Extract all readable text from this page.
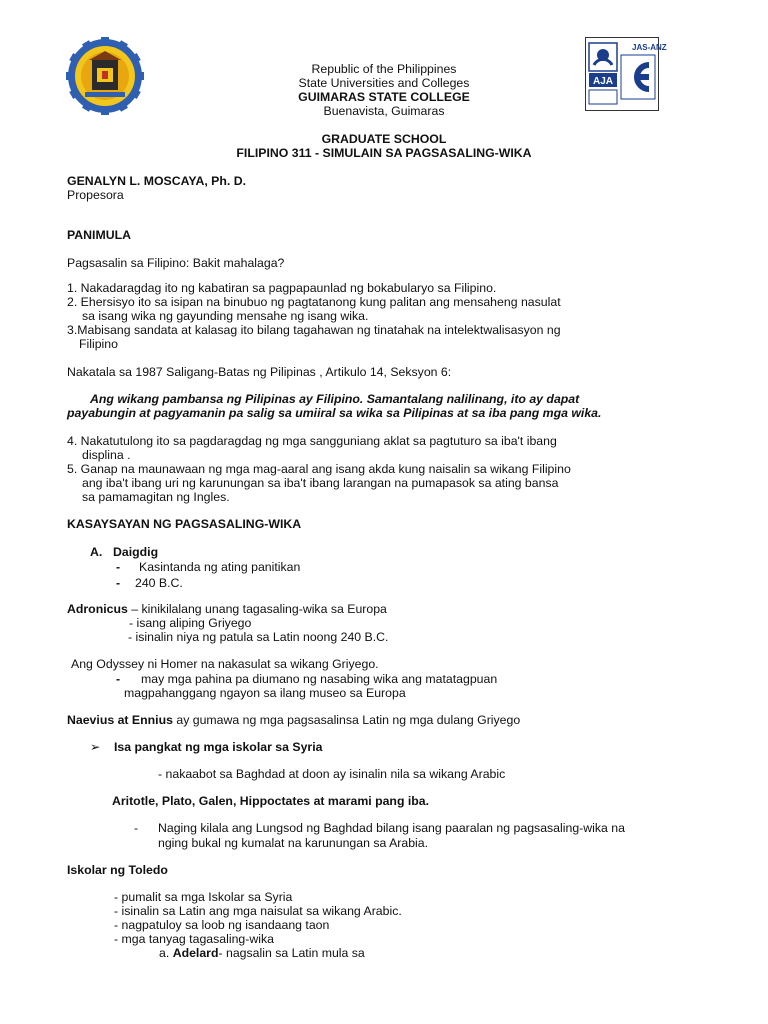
AJA
JAS-ANZ
Republic of the Philippines
State Universities and Colleges
GUIMARAS STATE COLLEGE
Buenavista, Guimaras
GRADUATE SCHOOL
FILIPINO 311 - SIMULAIN SA PAGSASALING-WIKA
GENALYN L. MOSCAYA, Ph. D.
Propesora
PANIMULA
Pagsasalin sa Filipino: Bakit mahalaga?
1. Nakadaragdag ito ng kabatiran sa pagpapaunlad ng bokabularyo sa Filipino.
2. Ehersisyo ito sa isipan na binubuo ng pagtatanong kung palitan ang mensaheng nasulat
sa isang wika ng gayunding mensahe ng isang wika.
3.Mabisang sandata at kalasag ito bilang tagahawan ng tinatahak na intelektwalisasyon ng
Filipino
Nakatala sa 1987 Saligang-Batas ng Pilipinas , Artikulo 14, Seksyon 6:
Ang wikang pambansa ng Pilipinas ay Filipino. Samantalang nalilinang, ito ay dapat
payabungin at pagyamanin pa salig sa umiiral sa wika sa Pilipinas at sa iba pang mga wika.
4. Nakatutulong ito sa pagdaragdag ng mga sangguniang aklat sa pagtuturo sa iba't ibang
displina .
5. Ganap na maunawaan ng mga mag-aaral ang isang akda kung naisalin sa wikang Filipino
ang iba't ibang uri ng karunungan sa iba't ibang larangan na pumapasok sa ating bansa
sa pamamagitan ng Ingles.
KASAYSAYAN NG PAGSASALING-WIKA
A. Daigdig
- Kasintanda ng ating panitikan
- 240 B.C.
Adronicus – kinikilalang unang tagasaling-wika sa Europa
- isang aliping Griyego
- isinalin niya ng patula sa Latin noong 240 B.C.
Ang Odyssey ni Homer na nakasulat sa wikang Griyego.
- may mga pahina pa diumano ng nasabing wika ang matatagpuan
magpahanggang ngayon sa ilang museo sa Europa
Naevius at Ennius ay gumawa ng mga pagsasalinsa Latin ng mga dulang Griyego
➢ Isa pangkat ng mga iskolar sa Syria
- nakaabot sa Baghdad at doon ay isinalin nila sa wikang Arabic
Aritotle, Plato, Galen, Hippoctates at marami pang iba.
- Naging kilala ang Lungsod ng Baghdad bilang isang paaralan ng pagsasaling-wika na
nging bukal ng kumalat na karunungan sa Arabia.
Iskolar ng Toledo
- pumalit sa mga Iskolar sa Syria
- isinalin sa Latin ang mga naisulat sa wikang Arabic.
- nagpatuloy sa loob ng isandaang taon
- mga tanyag tagasaling-wika
a. Adelard- nagsalin sa Latin mula sa
